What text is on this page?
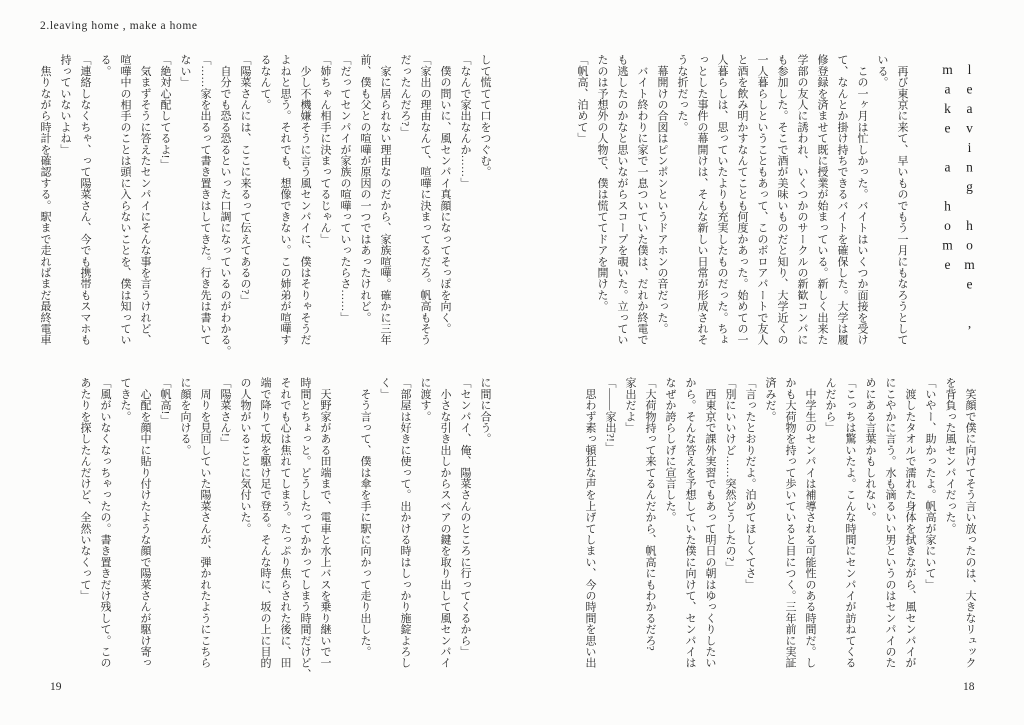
2.leaving home , make a home

leaving home ,

make a home

　再び東京に来て、早いものでもう一月にもなろうとして

いる。

　この一ヶ月は忙しかった。バイトはいくつか面接を受け

て、なんとか掛け持ちできるバイトを確保した。大学は履

修登録を済ませて既に授業が始まっている。新しく出来た

学部の友人に誘われ、いくつかのサークルの新歓コンパに

も参加した。そこで酒が美味いものだと知り、大学近くの

一人暮らしということもあって、このボロアパートで友人

と酒を飲み明かすなんてことも何度かあった。始めての一

人暮らしは、思っていたよりも充実したものだった。ちょ

っとした事件の幕開けは、そんな新しい日常が形成されそ

うな折だった。

　幕開けの合図はピンポンというドアホンの音だった。

　バイト終わりに家で一息ついていた僕は、だれか終電で

も逃したのかなと思いながらスコープを覗いた。立ってい

たのは予想外の人物で、僕は慌ててドアを開けた。

「帆高、泊めて」

　笑顔で僕に向けてそう言い放ったのは、大きなリュック

を背負った風センパイだった。

「いやー、助かったよ。帆高が家にいて」

　渡したタオルで濡れた身体を拭きながら、風センパイが

にこやかに言う。水も滴るいい男というのはセンパイのた

めにある言葉かもしれない。

「こっちは驚いたよ。こんな時間にセンパイが訪ねてくる

んだから」

　中学生のセンパイは補導される可能性のある時間だ。し

かも大荷物を持って歩いていると目につく。三年前に実証

済みだ。

「言ったとおりだよ。泊めてほしくてさ」

「別にいいけど……突然どうしたの?」

　西東京で課外実習でもあって明日の朝はゆっくりしたい

から。そんな答えを予想していた僕に向けて、センパイは

なぜか誇らしげに宣言した。

「大荷物持って来てるんだから、帆高にもわかるだろ?

家出だよ」

「——家出?!」

　思わず素っ頓狂な声を上げてしまい、今の時間を思い出

18

して慌てて口をつぐむ。

「なんで家出なんか……」

　僕の問いに、風センパイ真顔になってそっぽを向く。

「家出の理由なんて、喧嘩に決まってるだろ。帆高もそう

だったんだろ?」

　家に居られない理由なのだから、家族喧嘩。確かに三年

前、僕も父との喧嘩が原因の一つではあったけれど。

「だってセンパイが家族の喧嘩っていったらさ……」

「姉ちゃん相手に決まってるじゃん」

　少し不機嫌そうに言う風センパイに、僕はそりゃそうだ

よねと思う。それでも、想像できない。この姉弟が喧嘩す

るなんて。

「陽菜さんには、ここに来るって伝えてあるの?」

　自分でも恐る恐るといった口調になっているのがわかる。

「……家を出るって書き置きはしてきた。行き先は書いて

ない」

「絶対心配してるよ!」

　気まずそうに答えたセンパイにそんな事を言うけれど、

喧嘩中の相手のことは頭に入らないことを、僕は知ってい

る。

「連絡しなくちゃ、って陽菜さん、今でも携帯もスマホも

持っていないよね」

　焦りながら時計を確認する。駅まで走ればまだ最終電車

に間に合う。

「センパイ、俺、陽菜さんのところに行ってくるから」

　小さな引き出しからスペアの鍵を取り出して風センパイ

に渡す。

「部屋は好きに使って。出かける時はしっかり施錠よろし

く」

　そう言って、僕は傘を手に駅に向かって走り出した。

　天野家がある田端まで、電車と水上バスを乗り継いで一

時間とちょっと。どうしたってかかってしまう時間だけど、

それでも心は焦れてしまう。たっぷり焦らされた後に、田

端で降りて坂を駆け足で登る。そんな時に、坂の上に目的

の人物がいることに気付いた。

「陽菜さん!」

　周りを見回していた陽菜さんが、弾かれたようにこちら

に顔を向ける。

「帆高!」

　心配を顔中に貼り付けたような顔で陽菜さんが駆け寄っ

てきた。

「風がいなくなっちゃったの。書き置きだけ残して。この

あたりを探したんだけど、全然いなくって」

19
